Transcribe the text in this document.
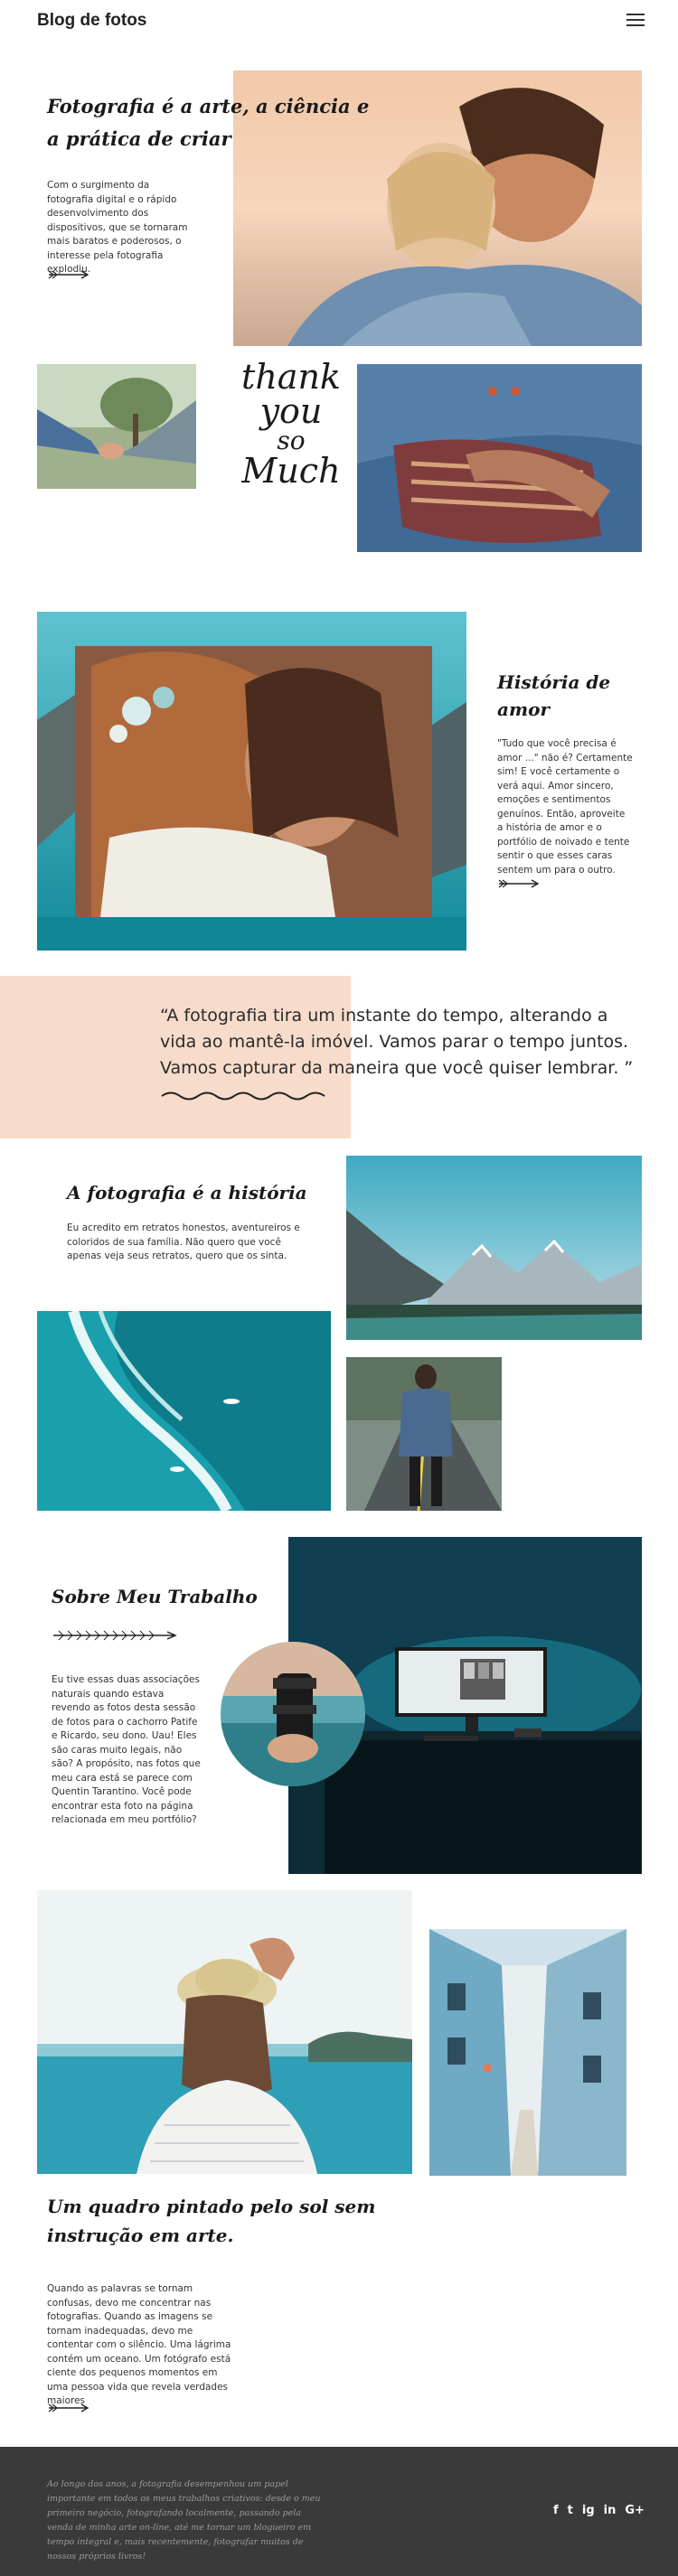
Blog de fotos
Fotografia é a arte, a ciência e
a prática de criar
Com o surgimento da fotografia digital e o rápido desenvolvimento dos dispositivos, que se tornaram mais baratos e poderosos, o interesse pela fotografia explodiu.
thank
you
so
Much
História de
amor
"Tudo que você precisa é amor ..." não é? Certamente sim! E você certamente o verá aqui. Amor sincero, emoções e sentimentos genuínos. Então, aproveite a história de amor e o portfólio de noivado e tente sentir o que esses caras sentem um para o outro.
“A fotografia tira um instante do tempo, alterando a vida ao mantê-la imóvel. Vamos parar o tempo juntos. Vamos capturar da maneira que você quiser lembrar. ”
A fotografia é a história
Eu acredito em retratos honestos, aventureiros e coloridos de sua família. Não quero que você apenas veja seus retratos, quero que os sinta.
Sobre Meu Trabalho
Eu tive essas duas associações naturais quando estava revendo as fotos desta sessão de fotos para o cachorro Patife e Ricardo, seu dono. Uau! Eles são caras muito legais, não são? A propósito, nas fotos que meu cara está se parece com Quentin Tarantino. Você pode encontrar esta foto na página relacionada em meu portfólio?
Um quadro pintado pelo sol sem
instrução em arte.
Quando as palavras se tornam confusas, devo me concentrar nas fotografias. Quando as imagens se tornam inadequadas, devo me contentar com o silêncio. Uma lágrima contém um oceano. Um fotógrafo está ciente dos pequenos momentos em uma pessoa vida que revela verdades maiores
Ao longo dos anos, a fotografia desempenhou um papel importante em todos os meus trabalhos criativos: desde o meu primeiro negócio, fotografando localmente, passando pela venda de minha arte on-line, até me tornar um blogueiro em tempo integral e, mais recentemente, fotografar muitos de nossos próprios livros!
f t ig in G+
